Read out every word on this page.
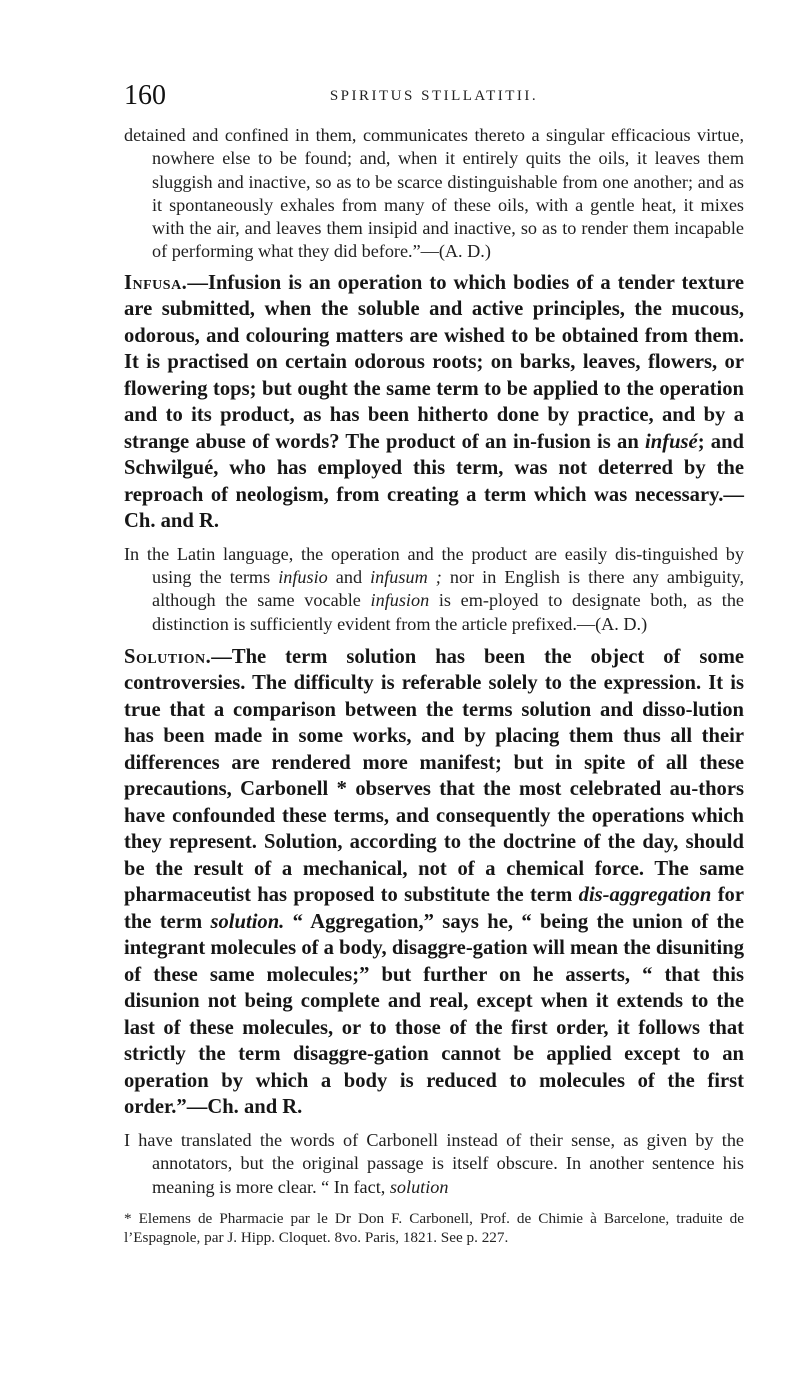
160	SPIRITUS STILLATITII.

detained and confined in them, communicates thereto a singular efficacious virtue, nowhere else to be found; and, when it entirely quits the oils, it leaves them sluggish and inactive, so as to be scarce distinguishable from one another; and as it spontaneously exhales from many of these oils, with a gentle heat, it mixes with the air, and leaves them insipid and inactive, so as to render them incapable of performing what they did before.”—(A. D.)

Infusa.—Infusion is an operation to which bodies of a tender texture are submitted, when the soluble and active principles, the mucous, odorous, and colouring matters are wished to be obtained from them. It is practised on certain odorous roots; on barks, leaves, flowers, or flowering tops; but ought the same term to be applied to the operation and to its product, as has been hitherto done by practice, and by a strange abuse of words? The product of an in-fusion is an infusé; and Schwilgué, who has employed this term, was not deterred by the reproach of neologism, from creating a term which was necessary.—Ch. and R.

In the Latin language, the operation and the product are easily dis-tinguished by using the terms infusio and infusum ; nor in English is there any ambiguity, although the same vocable infusion is em-ployed to designate both, as the distinction is sufficiently evident from the article prefixed.—(A. D.)

Solution.—The term solution has been the object of some controversies. The difficulty is referable solely to the expression. It is true that a comparison between the terms solution and disso-lution has been made in some works, and by placing them thus all their differences are rendered more manifest; but in spite of all these precautions, Carbonell * observes that the most celebrated au-thors have confounded these terms, and consequently the operations which they represent. Solution, according to the doctrine of the day, should be the result of a mechanical, not of a chemical force. The same pharmaceutist has proposed to substitute the term dis-aggregation for the term solution. “ Aggregation,” says he, “ being the union of the integrant molecules of a body, disaggre-gation will mean the disuniting of these same molecules;” but further on he asserts, “ that this disunion not being complete and real, except when it extends to the last of these molecules, or to those of the first order, it follows that strictly the term disaggre-gation cannot be applied except to an operation by which a body is reduced to molecules of the first order.”—Ch. and R.

I have translated the words of Carbonell instead of their sense, as given by the annotators, but the original passage is itself obscure. In another sentence his meaning is more clear. “ In fact, solution

* Elemens de Pharmacie par le Dr Don F. Carbonell, Prof. de Chimie à Barcelone, traduite de l’Espagnole, par J. Hipp. Cloquet. 8vo. Paris, 1821. See p. 227.
